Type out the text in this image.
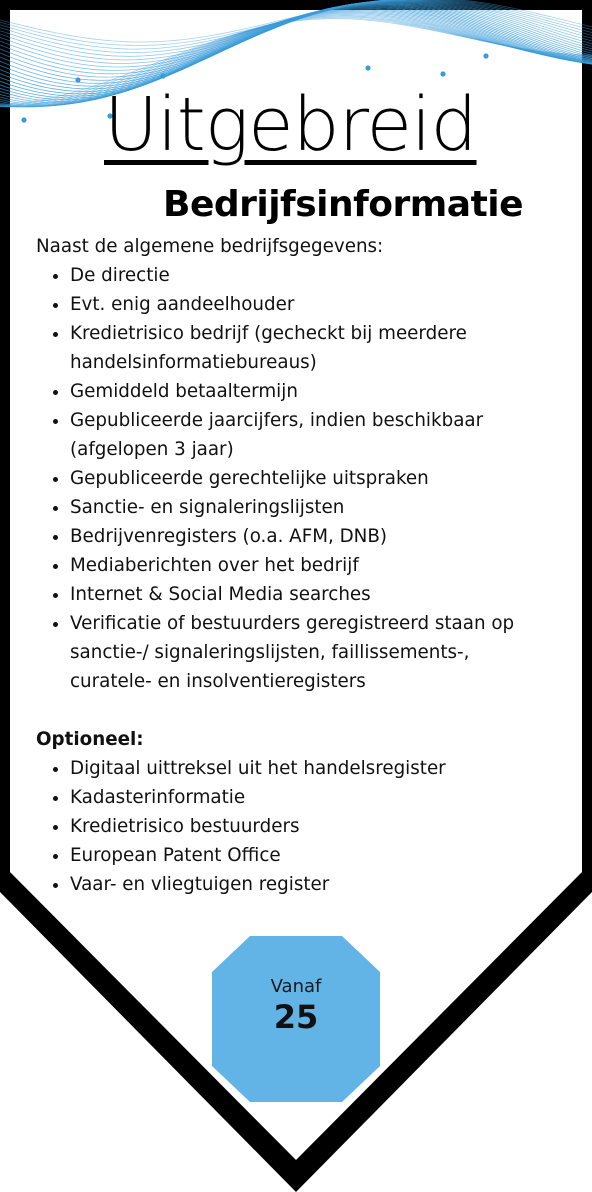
Uitgebreid
Bedrijfsinformatie

Naast de algemene bedrijfsgegevens:

• De directie
• Evt. enig aandeelhouder
• Kredietrisico bedrijf (gecheckt bij meerdere handelsinformatiebureaus)
• Gemiddeld betaaltermijn
• Gepubliceerde jaarcijfers, indien beschikbaar (afgelopen 3 jaar)
• Gepubliceerde gerechtelijke uitspraken
• Sanctie- en signaleringslijsten
• Bedrijvenregisters (o.a. AFM, DNB)
• Mediaberichten over het bedrijf
• Internet & Social Media searches
• Verificatie of bestuurders geregistreerd staan op sanctie-/ signaleringslijsten, faillissements-, curatele- en insolventieregisters

Optioneel:

• Digitaal uittreksel uit het handelsregister
• Kadasterinformatie
• Kredietrisico bestuurders
• European Patent Office
• Vaar- en vliegtuigen register
Vanaf
25
